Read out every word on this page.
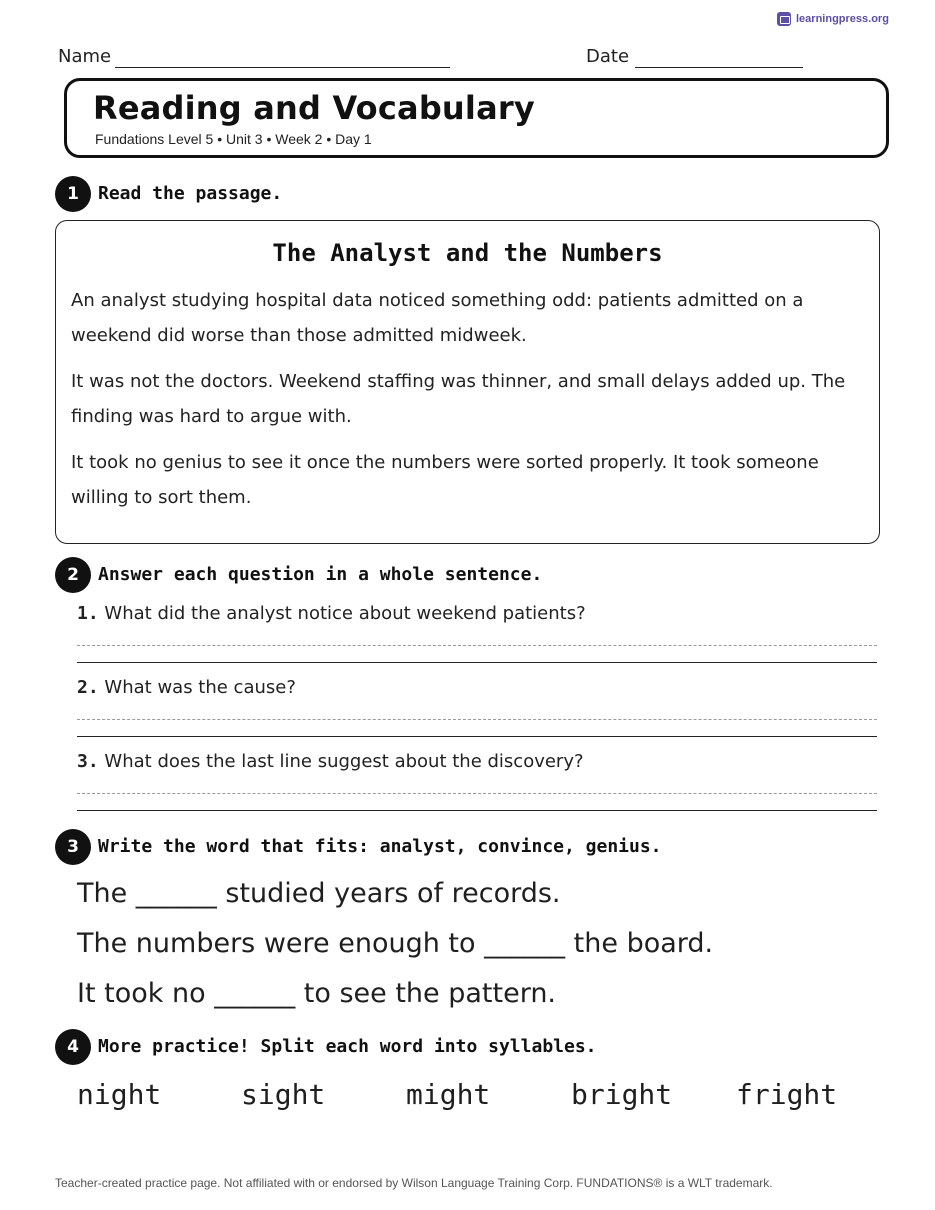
learningpress.org
Name	Date
Reading and Vocabulary
Fundations Level 5 • Unit 3 • Week 2 • Day 1
1	Read the passage.
The Analyst and the Numbers

An analyst studying hospital data noticed something odd: patients admitted on a weekend did worse than those admitted midweek.

It was not the doctors. Weekend staffing was thinner, and small delays added up. The finding was hard to argue with.

It took no genius to see it once the numbers were sorted properly. It took someone willing to sort them.

2	Answer each question in a whole sentence.
1. What did the analyst notice about weekend patients?
2. What was the cause?
3. What does the last line suggest about the discovery?
3	Write the word that fits: analyst, convince, genius.
The ______ studied years of records.
The numbers were enough to ______ the board.
It took no ______ to see the pattern.
4	More practice! Split each word into syllables.
night	sight	might	bright fright
Teacher-created practice page. Not affiliated with or endorsed by Wilson Language Training Corp. FUNDATIONS® is a WLT trademark.
